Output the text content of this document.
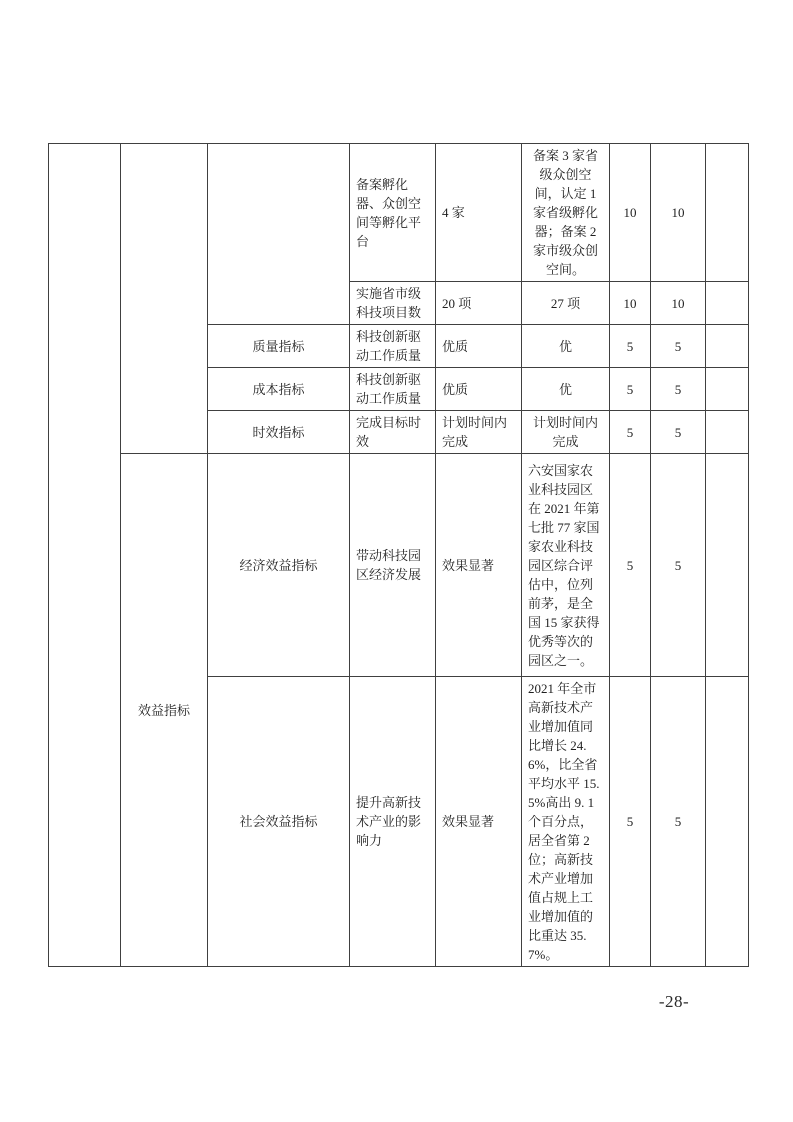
			备案孵化器、众创空间等孵化平台	4 家	备案 3 家省级众创空间，认定 1 家省级孵化器；备案 2 家市级众创空间。	10	10	
			实施省市级科技项目数	20 项	27 项	10	10	
		质量指标	科技创新驱动工作质量	优质	优	5	5	
		成本指标	科技创新驱动工作质量	优质	优	5	5	
		时效指标	完成目标时效	计划时间内完成	计划时间内完成	5	5	
	效益指标	经济效益指标	带动科技园区经济发展	效果显著	六安国家农业科技园区在 2021 年第七批 77 家国家农业科技园区综合评估中，位列前茅，是全国 15 家获得优秀等次的园区之一。	5	5	
		社会效益指标	提升高新技术产业的影响力	效果显著	2021 年全市高新技术产业增加值同比增长 24. 6%，比全省平均水平 15. 5%高出 9. 1 个百分点，居全省第 2 位；高新技术产业增加值占规上工业增加值的比重达 35. 7%。	5	5	
-28-
